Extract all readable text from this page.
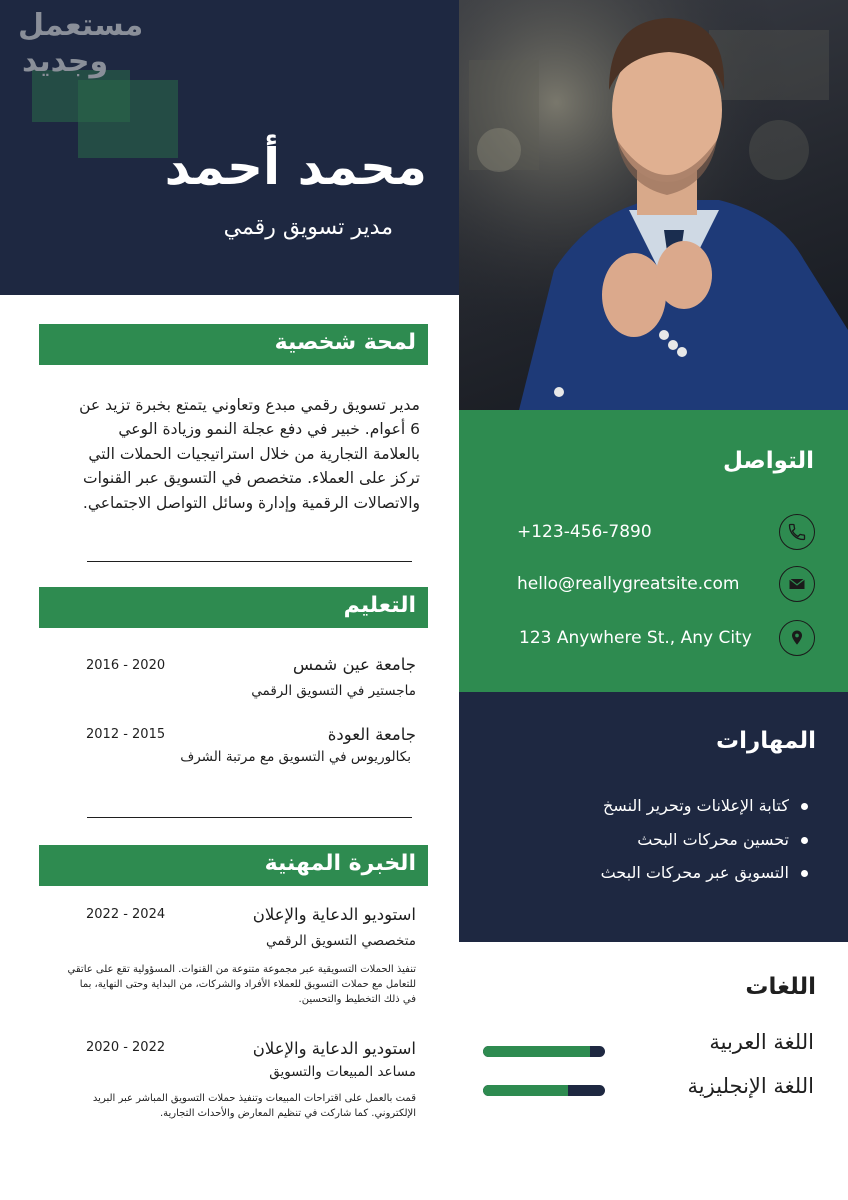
مستعمل
وجديد
محمد أحمد
مدير تسويق رقمي
التواصل
+123-456-7890
hello@reallygreatsite.com
123 Anywhere St., Any City
المهارات
كتابة الإعلانات وتحرير النسخ
تحسين محركات البحث
التسويق عبر محركات البحث
اللغات
اللغة العربية
اللغة الإنجليزية
لمحة شخصية
مدير تسويق رقمي مبدع وتعاوني يتمتع بخبرة تزيد عن 6 أعوام. خبير في دفع عجلة النمو وزيادة الوعي بالعلامة التجارية من خلال استراتيجيات الحملات التي تركز على العملاء. متخصص في التسويق عبر القنوات والاتصالات الرقمية وإدارة وسائل التواصل الاجتماعي.
التعليم
جامعة عين شمس
2016 - 2020
ماجستير في التسويق الرقمي
جامعة العودة
2012 - 2015
بكالوريوس في التسويق مع مرتبة الشرف
الخبرة المهنية
استوديو الدعاية والإعلان
2022 - 2024
متخصصي التسويق الرقمي
تنفيذ الحملات التسويقية عبر مجموعة متنوعة من القنوات. المسؤولية تقع على عاتقي للتعامل مع حملات التسويق للعملاء الأفراد والشركات، من البداية وحتى النهاية، بما في ذلك التخطيط والتحسين.
استوديو الدعاية والإعلان
2020 - 2022
مساعد المبيعات والتسويق
قمت بالعمل على اقتراحات المبيعات وتنفيذ حملات التسويق المباشر عبر البريد الإلكتروني. كما شاركت في تنظيم المعارض والأحداث التجارية.
